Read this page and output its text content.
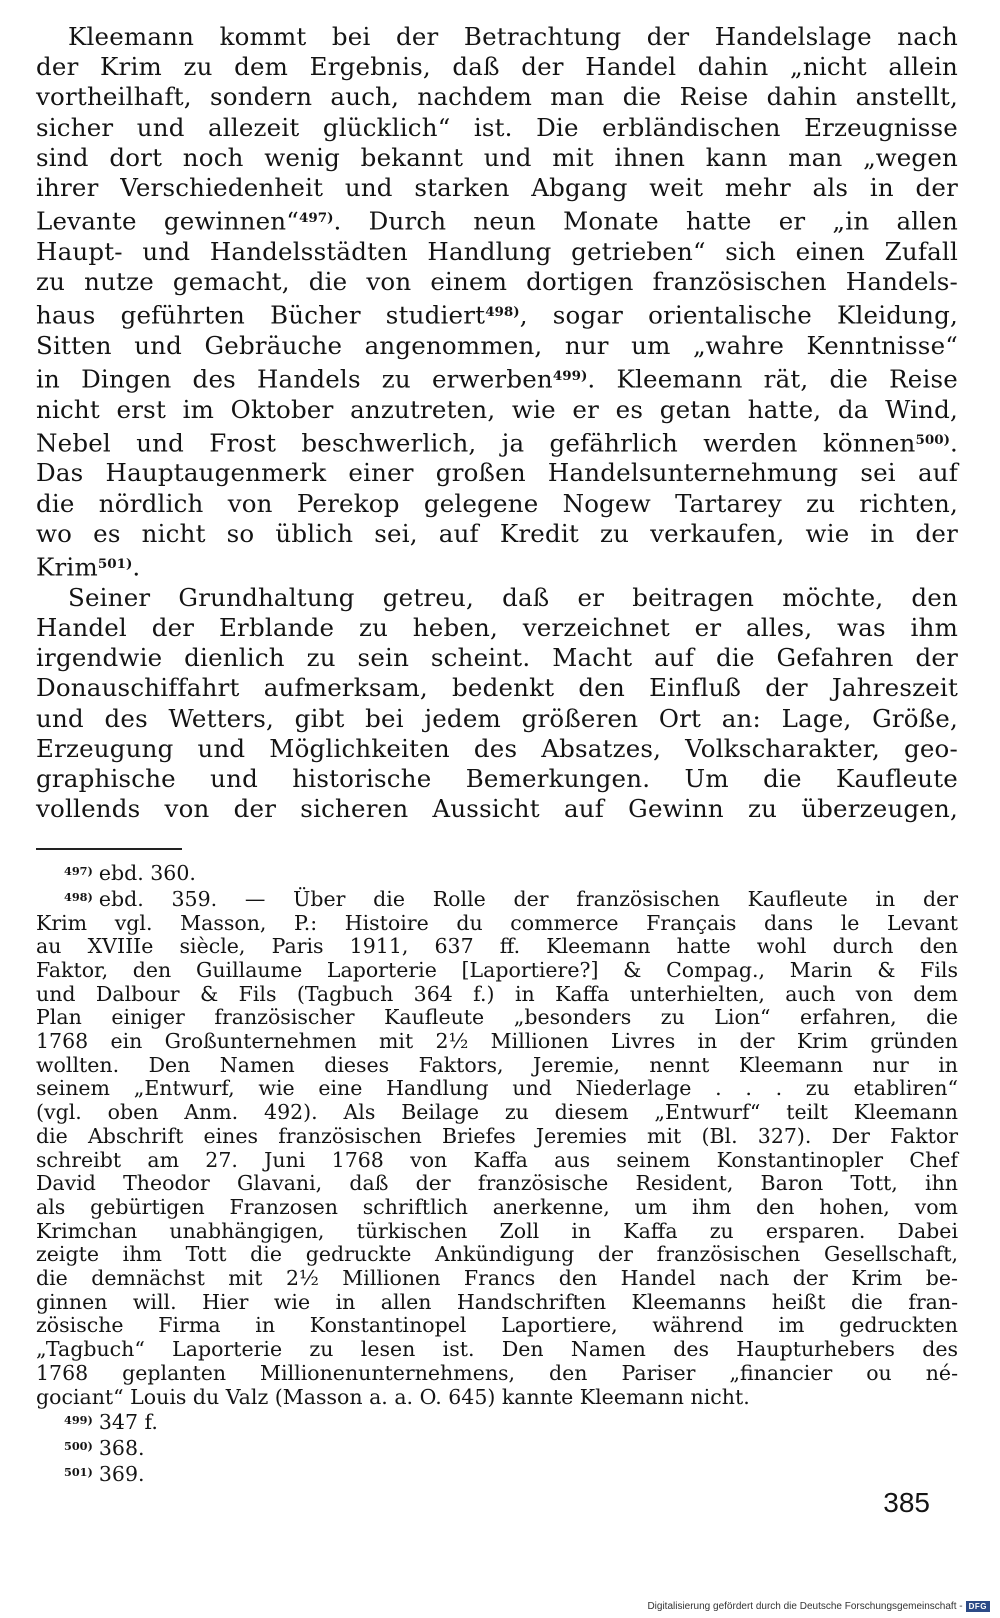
Kleemann kommt bei der Betrachtung der Handelslage nach
der Krim zu dem Ergebnis, daß der Handel dahin „nicht allein
vortheilhaft, sondern auch, nachdem man die Reise dahin anstellt,
sicher und allezeit glücklich“ ist. Die erbländischen Erzeugnisse
sind dort noch wenig bekannt und mit ihnen kann man „wegen
ihrer Verschiedenheit und starken Abgang weit mehr als in der
Levante gewinnen“$^{497)}$. Durch neun Monate hatte er „in allen
Haupt- und Handelsstädten Handlung getrieben“ sich einen Zufall
zu nutze gemacht, die von einem dortigen französischen Handels-
haus geführten Bücher studiert$^{498)}$, sogar orientalische Kleidung,
Sitten und Gebräuche angenommen, nur um „wahre Kenntnisse“
in Dingen des Handels zu erwerben$^{499)}$. Kleemann rät, die Reise
nicht erst im Oktober anzutreten, wie er es getan hatte, da Wind,
Nebel und Frost beschwerlich, ja gefährlich werden können$^{500)}$.
Das Hauptaugenmerk einer großen Handelsunternehmung sei auf
die nördlich von Perekop gelegene Nogew Tartarey zu richten,
wo es nicht so üblich sei, auf Kredit zu verkaufen, wie in der
Krim$^{501)}$.
Seiner Grundhaltung getreu, daß er beitragen möchte, den
Handel der Erblande zu heben, verzeichnet er alles, was ihm
irgendwie dienlich zu sein scheint. Macht auf die Gefahren der
Donauschiffahrt aufmerksam, bedenkt den Einfluß der Jahreszeit
und des Wetters, gibt bei jedem größeren Ort an: Lage, Größe,
Erzeugung und Möglichkeiten des Absatzes, Volkscharakter, geo-
graphische und historische Bemerkungen. Um die Kaufleute
vollends von der sicheren Aussicht auf Gewinn zu überzeugen,
$^{497)}$ ebd. 360.
$^{498)}$ ebd. 359. — Über die Rolle der französischen Kaufleute in der
Krim vgl. Masson, P.: Histoire du commerce Français dans le Levant
au XVIIIe siècle, Paris 1911, 637 ff. Kleemann hatte wohl durch den
Faktor, den Guillaume Laporterie [Laportiere?] & Compag., Marin & Fils
und Dalbour & Fils (Tagbuch 364 f.) in Kaffa unterhielten, auch von dem
Plan einiger französischer Kaufleute „besonders zu Lion“ erfahren, die
1768 ein Großunternehmen mit 2½ Millionen Livres in der Krim gründen
wollten. Den Namen dieses Faktors, Jeremie, nennt Kleemann nur in
seinem „Entwurf, wie eine Handlung und Niederlage . . . zu etabliren“
(vgl. oben Anm. 492). Als Beilage zu diesem „Entwurf“ teilt Kleemann
die Abschrift eines französischen Briefes Jeremies mit (Bl. 327). Der Faktor
schreibt am 27. Juni 1768 von Kaffa aus seinem Konstantinopler Chef
David Theodor Glavani, daß der französische Resident, Baron Tott, ihn
als gebürtigen Franzosen schriftlich anerkenne, um ihm den hohen, vom
Krimchan unabhängigen, türkischen Zoll in Kaffa zu ersparen. Dabei
zeigte ihm Tott die gedruckte Ankündigung der französischen Gesellschaft,
die demnächst mit 2½ Millionen Francs den Handel nach der Krim be-
ginnen will. Hier wie in allen Handschriften Kleemanns heißt die fran-
zösische Firma in Konstantinopel Laportiere, während im gedruckten
„Tagbuch“ Laporterie zu lesen ist. Den Namen des Haupturhebers des
1768 geplanten Millionenunternehmens, den Pariser „financier ou né-
gociant“ Louis du Valz (Masson a. a. O. 645) kannte Kleemann nicht.
$^{499)}$ 347 f.
$^{500)}$ 368.
$^{501)}$ 369.
385
Digitalisierung gefördert durch die Deutsche Forschungsgemeinschaft - DFG
